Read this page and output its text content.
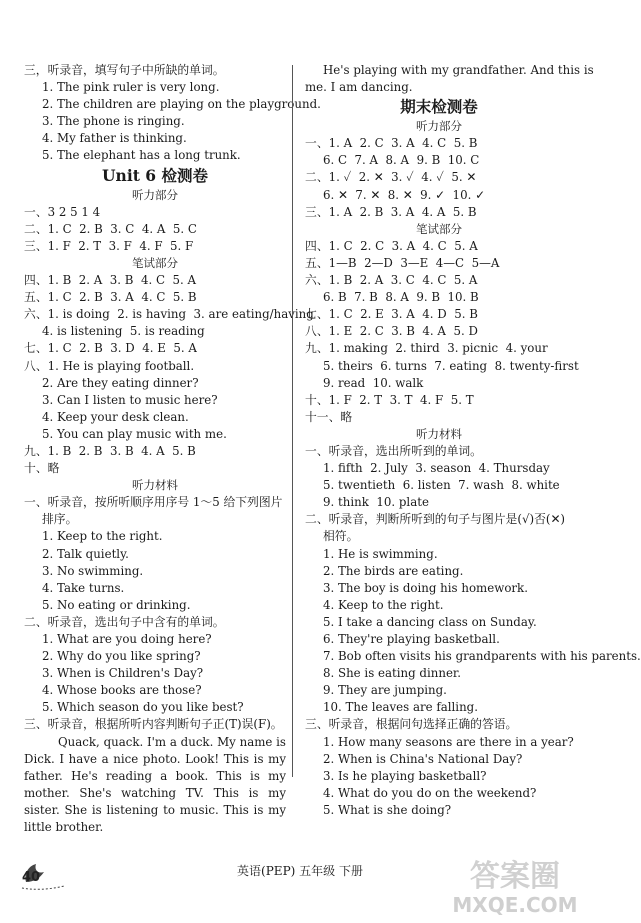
三，听录音，填写句子中所缺的单词。
1. The pink ruler is very long.
2. The children are playing on the playground.
3. The phone is ringing.
4. My father is thinking.
5. The elephant has a long trunk.
Unit 6 检测卷
听力部分
一、3 2 5 1 4
二、1. C  2. B  3. C  4. A  5. C
三、1. F  2. T  3. F  4. F  5. F
笔试部分
四、1. B  2. A  3. B  4. C  5. A
五、1. C  2. B  3. A  4. C  5. B
六、1. is doing  2. is having  3. are eating/having
4. is listening  5. is reading
七、1. C  2. B  3. D  4. E  5. A
八、1. He is playing football.
2. Are they eating dinner?
3. Can I listen to music here?
4. Keep your desk clean.
5. You can play music with me.
九、1. B  2. B  3. B  4. A  5. B
十、略
听力材料
一、听录音，按所听顺序用序号 1～5 给下列图片
排序。
1. Keep to the right.
2. Talk quietly.
3. No swimming.
4. Take turns.
5. No eating or drinking.
二、听录音，选出句子中含有的单词。
1. What are you doing here?
2. Why do you like spring?
3. When is Children's Day?
4. Whose books are those?
5. Which season do you like best?
三、听录音，根据所听内容判断句子正(T)误(F)。
Quack, quack. I'm a duck. My name is Dick. I have a nice photo. Look! This is my father. He's reading a book. This is my mother. She's watching TV. This is my sister. She is listening to music. This is my little brother.
He's playing with my grandfather. And this is
me. I am dancing.
期末检测卷
听力部分
一、1. A  2. C  3. A  4. C  5. B
6. C  7. A  8. A  9. B  10. C
二、1. ✓  2. ✕  3. ✓  4. ✓  5. ✕
6. ✕  7. ✕  8. ✕  9. ✓  10. ✓
三、1. A  2. B  3. A  4. A  5. B
笔试部分
四、1. C  2. C  3. A  4. C  5. A
五、1—B  2—D  3—E  4—C  5—A
六、1. B  2. A  3. C  4. C  5. A
6. B  7. B  8. A  9. B  10. B
七、1. C  2. E  3. A  4. D  5. B
八、1. E  2. C  3. B  4. A  5. D
九、1. making  2. third  3. picnic  4. your
5. theirs  6. turns  7. eating  8. twenty-first
9. read  10. walk
十、1. F  2. T  3. T  4. F  5. T
十一、略
听力材料
一、听录音，选出所听到的单词。
1. fifth  2. July  3. season  4. Thursday
5. twentieth  6. listen  7. wash  8. white
9. think  10. plate
二、听录音，判断所听到的句子与图片是(√)否(✕)
相符。
1. He is swimming.
2. The birds are eating.
3. The boy is doing his homework.
4. Keep to the right.
5. I take a dancing class on Sunday.
6. They're playing basketball.
7. Bob often visits his grandparents with his parents.
8. She is eating dinner.
9. They are jumping.
10. The leaves are falling.
三、听录音，根据问句选择正确的答语。
1. How many seasons are there in a year?
2. When is China's National Day?
3. Is he playing basketball?
4. What do you do on the weekend?
5. What is she doing?
40	英语(PEP) 五年级 下册	答案圈
MXQE.COM
